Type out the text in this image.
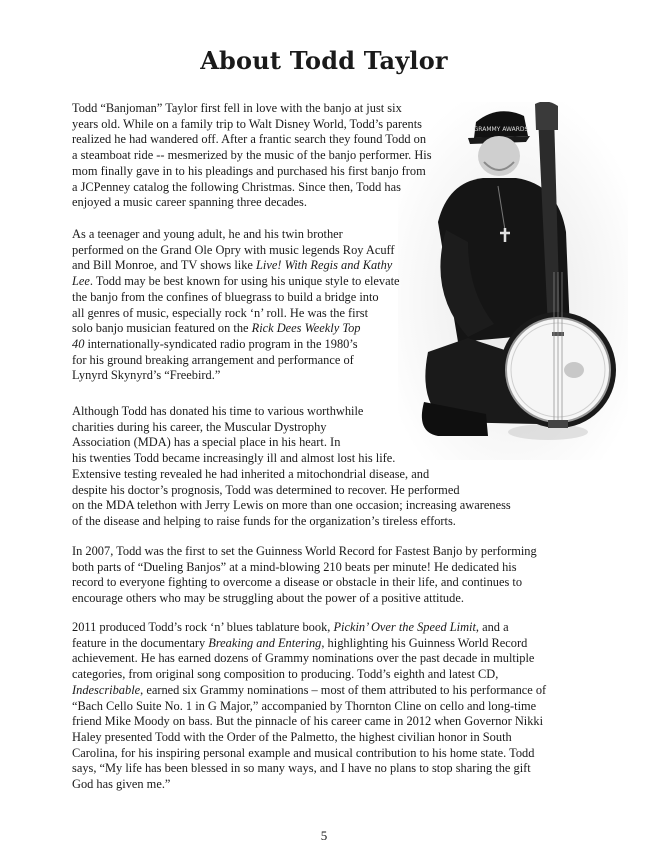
About Todd Taylor
GRAMMY AWARDS
Todd “Banjoman” Taylor first fell in love with the banjo at just six
years old. While on a family trip to Walt Disney World, Todd’s parents
realized he had wandered off. After a frantic search they found Todd on
a steamboat ride -- mesmerized by the music of the banjo performer. His
mom finally gave in to his pleadings and purchased his first banjo from
a JCPenney catalog the following Christmas. Since then, Todd has
enjoyed a music career spanning three decades.
As a teenager and young adult, he and his twin brother
performed on the Grand Ole Opry with music legends Roy Acuff
and Bill Monroe, and TV shows like Live! With Regis and Kathy
Lee. Todd may be best known for using his unique style to elevate
the banjo from the confines of bluegrass to build a bridge into
all genres of music, especially rock ‘n’ roll. He was the first
solo banjo musician featured on the Rick Dees Weekly Top
40 internationally-syndicated radio program in the 1980’s
for his ground breaking arrangement and performance of
Lynyrd Skynyrd’s “Freebird.”
Although Todd has donated his time to various worthwhile
charities during his career, the Muscular Dystrophy
Association (MDA) has a special place in his heart. In
his twenties Todd became increasingly ill and almost lost his life.
Extensive testing revealed he had inherited a mitochondrial disease, and
despite his doctor’s prognosis, Todd was determined to recover. He performed
on the MDA telethon with Jerry Lewis on more than one occasion; increasing awareness
of the disease and helping to raise funds for the organization’s tireless efforts.
In 2007, Todd was the first to set the Guinness World Record for Fastest Banjo by performing
both parts of “Dueling Banjos” at a mind-blowing 210 beats per minute! He dedicated his
record to everyone fighting to overcome a disease or obstacle in their life, and continues to
encourage others who may be struggling about the power of a positive attitude.
2011 produced Todd’s rock ‘n’ blues tablature book, Pickin’ Over the Speed Limit, and a
feature in the documentary Breaking and Entering, highlighting his Guinness World Record
achievement. He has earned dozens of Grammy nominations over the past decade in multiple
categories, from original song composition to producing. Todd’s eighth and latest CD,
Indescribable, earned six Grammy nominations – most of them attributed to his performance of
“Bach Cello Suite No. 1 in G Major,” accompanied by Thornton Cline on cello and long-time
friend Mike Moody on bass. But the pinnacle of his career came in 2012 when Governor Nikki
Haley presented Todd with the Order of the Palmetto, the highest civilian honor in South
Carolina, for his inspiring personal example and musical contribution to his home state. Todd
says, “My life has been blessed in so many ways, and I have no plans to stop sharing the gift
God has given me.”
5
